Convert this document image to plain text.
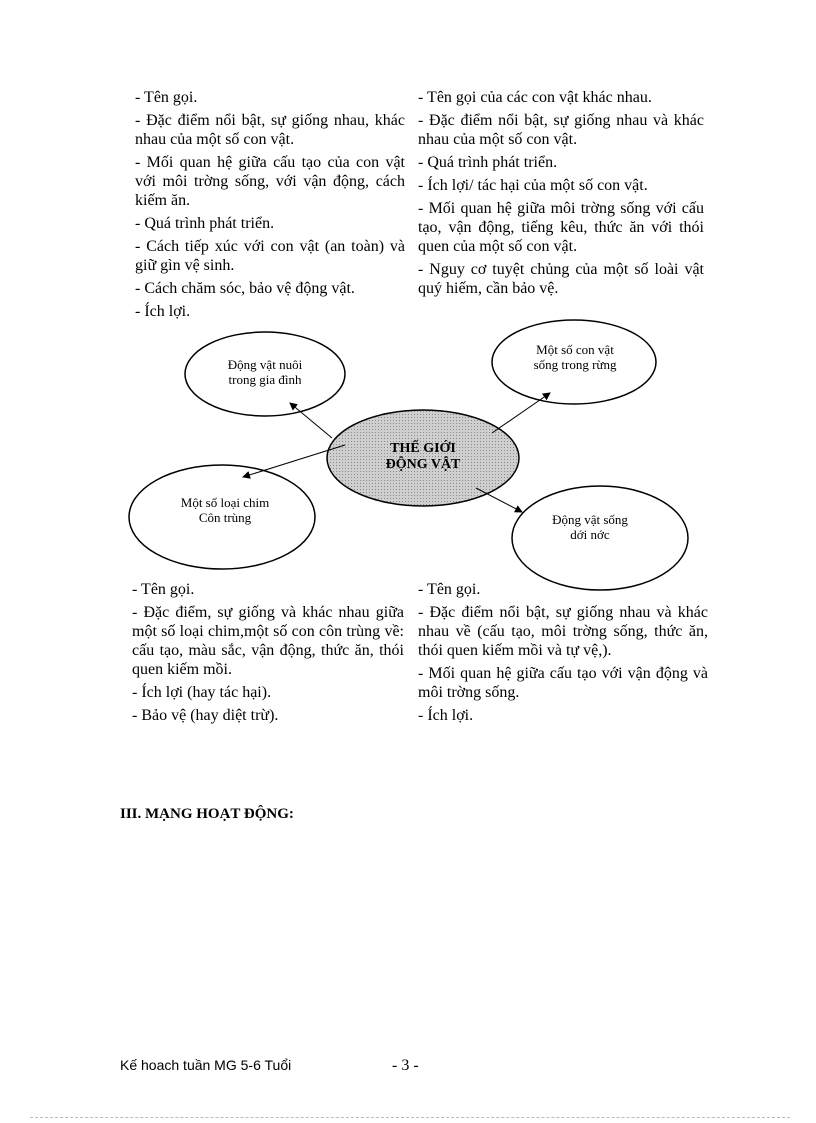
- Tên gọi.

- Đặc điểm nổi bật, sự giống nhau, khác nhau của một số con vật.

- Mối quan hệ giữa cấu tạo của con vật với môi trờng sống, với vận động, cách kiếm ăn.

- Quá trình phát triển.

- Cách tiếp xúc với con vật (an toàn) và giữ gìn vệ sinh.

- Cách chăm sóc, bảo vệ động vật.

- Ích lợi.

- Tên gọi của các con vật khác nhau.

- Đặc điểm nổi bật, sự giống nhau và khác nhau của một số con vật.

- Quá trình phát triển.

- Ích lợi/ tác hại của một số con vật.

- Mối quan hệ giữa môi trờng sống với cấu tạo, vận động, tiếng kêu, thức ăn với thói quen của một số con vật.

- Nguy cơ tuyệt chủng của một số loài vật quý hiếm, cần bảo vệ.

Động vật nuôi
trong gia đình
Một số con vật
sống trong rừng
THẾ GIỚI
ĐỘNG VẬT
Một số loại chim
Côn trùng	Động vật sống
dới nớc

- Tên gọi.

- Đặc điểm, sự giống và khác nhau giữa một số loại chim,một số con côn trùng về: cấu tạo, màu sắc, vận động, thức ăn, thói quen kiếm mồi.

- Ích lợi (hay tác hại).

- Bảo vệ (hay diệt trừ).

- Tên gọi.

- Đặc điểm nổi bật, sự giống nhau và khác nhau về (cấu tạo, môi trờng sống, thức ăn, thói quen kiếm mồi và tự vệ,).

- Mối quan hệ giữa cấu tạo với vận động và môi trờng sống.

- Ích lợi.

III. MẠNG HOẠT ĐỘNG:
Kế hoach tuần MG 5-6 Tuổi	- 3 -
